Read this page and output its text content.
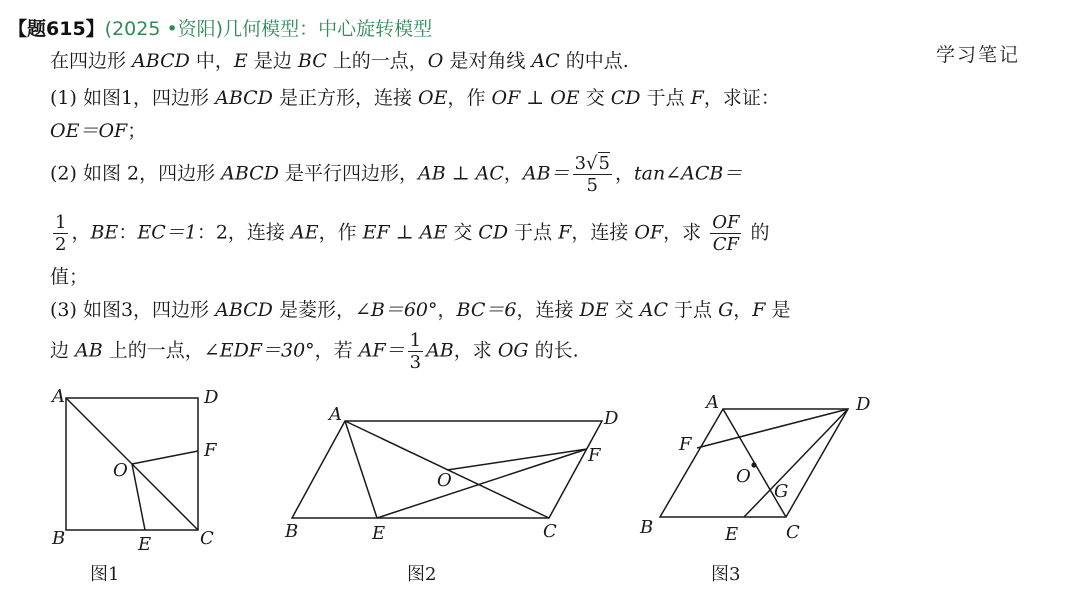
【题615】(2025 •资阳)几何模型：中心旋转模型
学习笔记
在四边形 ABCD 中，E 是边 BC 上的一点，O 是对角线 AC 的中点.
(1) 如图1，四边形 ABCD 是正方形，连接 OE，作 OF ⊥ OE 交 CD 于点 F，求证：
OE＝OF；
(2) 如图 2，四边形 ABCD 是平行四边形，AB ⊥ AC，$AB= \frac{3√5}{5}$ ，tan∠ACB＝
$\frac{1}{2}$ ，BE：EC＝1：2，连接 AE，作 EF ⊥ AE 交 CD 于点 F，连接 OF，求 $\frac{OF}{CF}$ 的
值；
(3) 如图3，四边形 ABCD 是菱形，∠B＝60°，BC＝6，连接 DE 交 AC 于点 G，F 是
边 AB 上的一点，∠EDF＝30°，若 $AF= \frac{1}{3}$ AB，求 OG 的长.
A	D
F
O
B	E	C
图1
A	D
F
O
B	E	C
图2
A	D
F
O
G
B	E	C
图3
